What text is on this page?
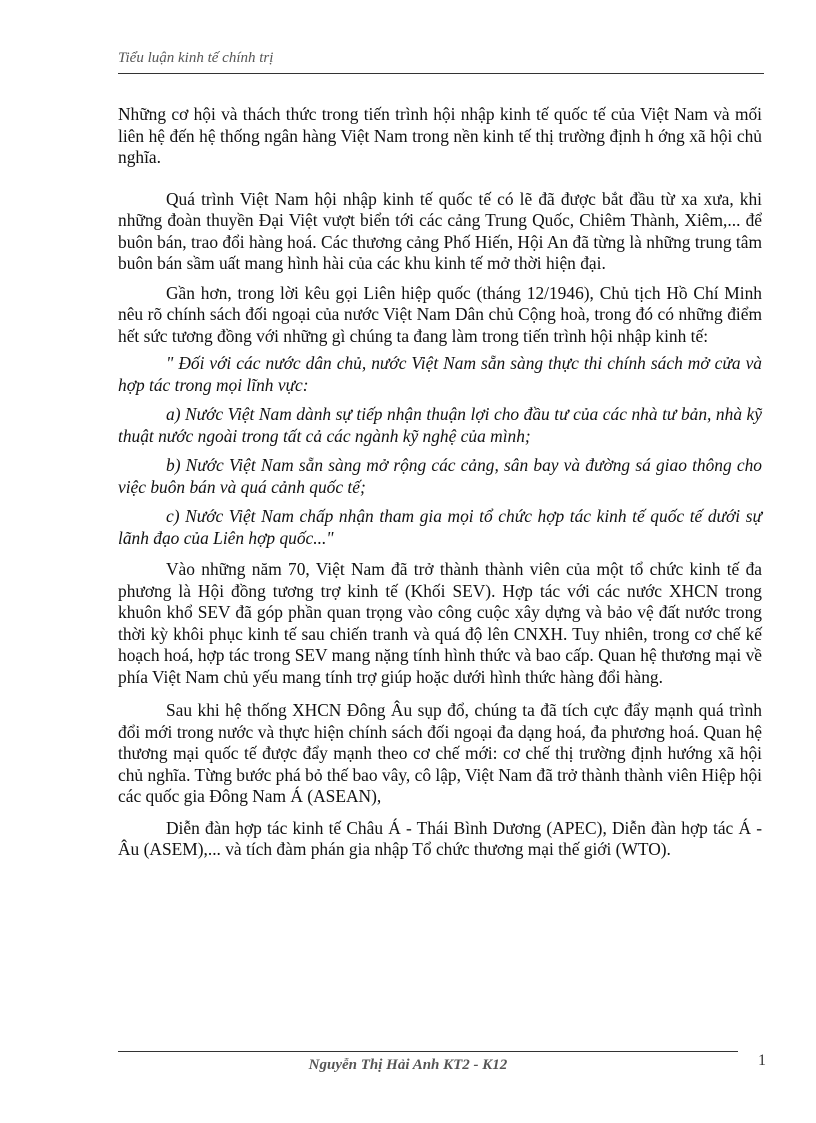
Tiểu luận kinh tế chính trị

Những cơ hội và thách thức trong tiến trình hội nhập kinh tế quốc tế của Việt Nam và mối liên hệ đến hệ thống ngân hàng Việt Nam trong nền kinh tế thị trường định h ớng xã hội chủ nghĩa.

Quá trình Việt Nam hội nhập kinh tế quốc tế có lẽ đã được bắt đầu từ xa xưa, khi những đoàn thuyền Đại Việt vượt biển tới các cảng Trung Quốc, Chiêm Thành, Xiêm,... để buôn bán, trao đổi hàng hoá. Các thương cảng Phố Hiến, Hội An đã từng là những trung tâm buôn bán sầm uất mang hình hài của các khu kinh tế mở thời hiện đại.

Gần hơn, trong lời kêu gọi Liên hiệp quốc (tháng 12/1946), Chủ tịch Hồ Chí Minh nêu rõ chính sách đối ngoại của nước Việt Nam Dân chủ Cộng hoà, trong đó có những điểm hết sức tương đồng với những gì chúng ta đang làm trong tiến trình hội nhập kinh tế:

" Đối với các nước dân chủ, nước Việt Nam sẵn sàng thực thi chính sách mở cửa và hợp tác trong mọi lĩnh vực:

a) Nước Việt Nam dành sự tiếp nhận thuận lợi cho đầu tư của các nhà tư bản, nhà kỹ thuật nước ngoài trong tất cả các ngành kỹ nghệ của mình;

b) Nước Việt Nam sẵn sàng mở rộng các cảng, sân bay và đường sá giao thông cho việc buôn bán và quá cảnh quốc tế;

c) Nước Việt Nam chấp nhận tham gia mọi tổ chức hợp tác kinh tế quốc tế dưới sự lãnh đạo của Liên hợp quốc..."

Vào những năm 70, Việt Nam đã trở thành thành viên của một tổ chức kinh tế đa phương là Hội đồng tương trợ kinh tế (Khối SEV). Hợp tác với các nước XHCN trong khuôn khổ SEV đã góp phần quan trọng vào công cuộc xây dựng và bảo vệ đất nước trong thời kỳ khôi phục kinh tế sau chiến tranh và quá độ lên CNXH. Tuy nhiên, trong cơ chế kế hoạch hoá, hợp tác trong SEV mang nặng tính hình thức và bao cấp. Quan hệ thương mại về phía Việt Nam chủ yếu mang tính trợ giúp hoặc dưới hình thức hàng đổi hàng.

Sau khi hệ thống XHCN Đông Âu sụp đổ, chúng ta đã tích cực đẩy mạnh quá trình đổi mới trong nước và thực hiện chính sách đối ngoại đa dạng hoá, đa phương hoá. Quan hệ thương mại quốc tế được đẩy mạnh theo cơ chế mới: cơ chế thị trường định hướng xã hội chủ nghĩa. Từng bước phá bỏ thế bao vây, cô lập, Việt Nam đã trở thành thành viên Hiệp hội các quốc gia Đông Nam Á (ASEAN),

Diễn đàn hợp tác kinh tế Châu Á - Thái Bình Dương (APEC), Diễn đàn hợp tác Á - Âu (ASEM),... và tích đàm phán gia nhập Tổ chức thương mại thế giới (WTO).

Nguyễn Thị Hải Anh KT2 - K12	1
